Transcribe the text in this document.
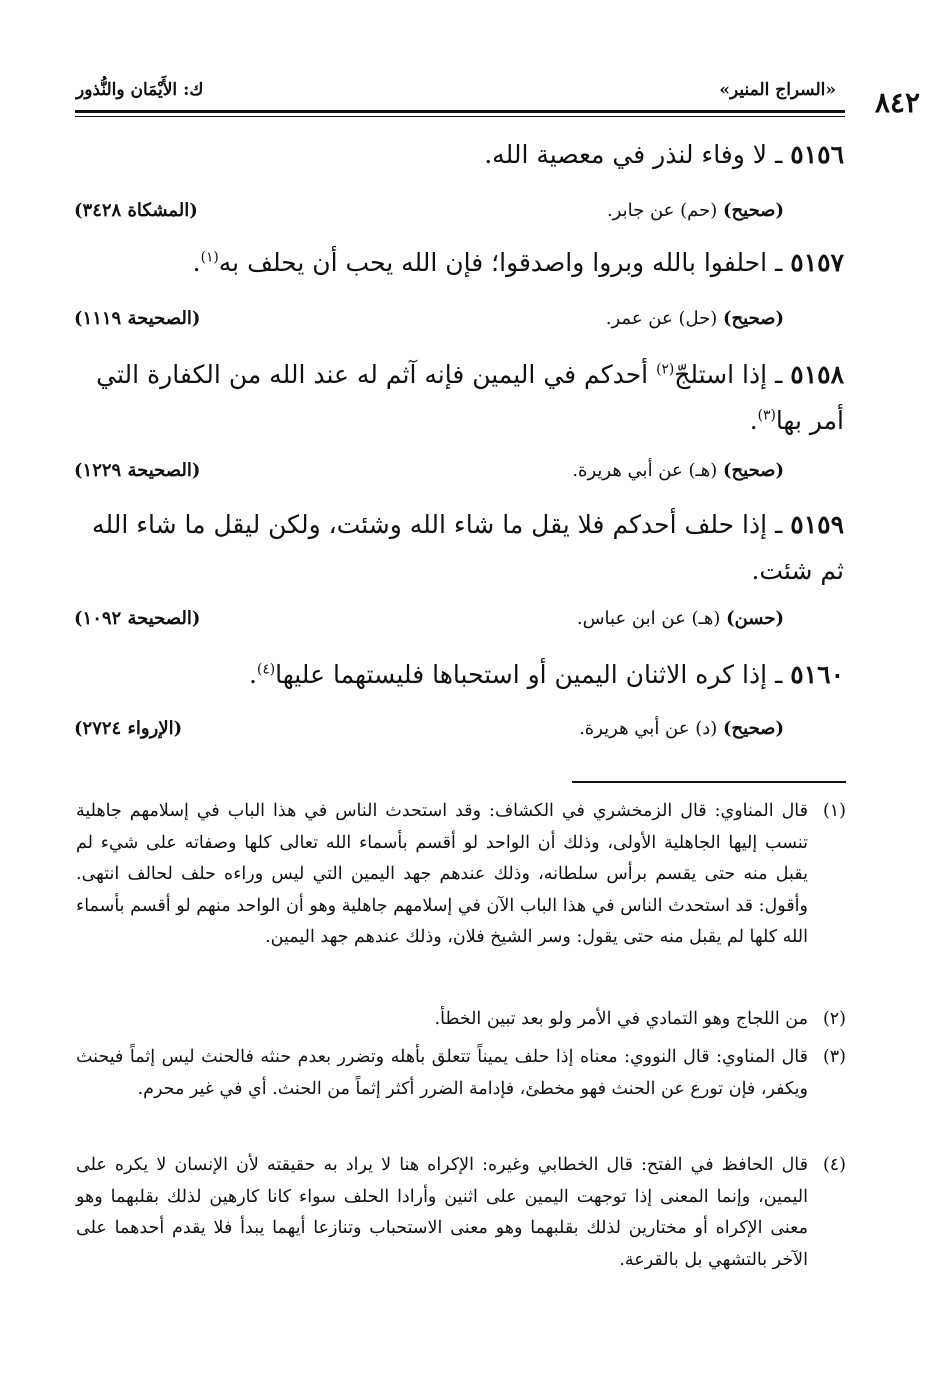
٨٤٢
«السراج المنير»
ك: الأَيْمَان والنُّذور
٥١٥٦ ـ لا وفاء لنذر في معصية الله.
(صحيح) (حم) عن جابر.
(المشكاة ٣٤٢٨)
٥١٥٧ ـ احلفوا بالله وبروا واصدقوا؛ فإن الله يحب أن يحلف به$^{(١)}$.
(صحيح) (حل) عن عمر.
(الصحيحة ١١١٩)
٥١٥٨ ـ إذا استلجّ$^{(٢)}$ أحدكم في اليمين فإنه آثم له عند الله من الكفارة التي أمر بها$^{(٣)}$.
(صحيح) (هـ) عن أبي هريرة.
(الصحيحة ١٢٢٩)
٥١٥٩ ـ إذا حلف أحدكم فلا يقل ما شاء الله وشئت، ولكن ليقل ما شاء الله ثم شئت.
(حسن) (هـ) عن ابن عباس.
(الصحيحة ١٠٩٢)
٥١٦٠ ـ إذا كره الاثنان اليمين أو استحباها فليستهما عليها$^{(٤)}$.
(صحيح) (د) عن أبي هريرة.
(الإرواء ٢٧٢٤)
(١)
قال المناوي: قال الزمخشري في الكشاف: وقد استحدث الناس في هذا الباب في إسلامهم جاهلية تنسب إليها الجاهلية الأولى، وذلك أن الواحد لو أقسم بأسماء الله تعالى كلها وصفاته على شيء لم يقبل منه حتى يقسم برأس سلطانه، وذلك عندهم جهد اليمين التي ليس وراءه حلف لحالف انتهى. وأقول: قد استحدث الناس في هذا الباب الآن في إسلامهم جاهلية وهو أن الواحد منهم لو أقسم بأسماء الله كلها لم يقبل منه حتى يقول: وسر الشيخ فلان، وذلك عندهم جهد اليمين.
(٢)
من اللجاج وهو التمادي في الأمر ولو بعد تبين الخطأ.
(٣)
قال المناوي: قال النووي: معناه إذا حلف يميناً تتعلق بأهله وتضرر بعدم حنثه فالحنث ليس إثماً فيحنث ويكفر، فإن تورع عن الحنث فهو مخطئ، فإدامة الضرر أكثر إثماً من الحنث. أي في غير محرم.
(٤)
قال الحافظ في الفتح: قال الخطابي وغيره: الإكراه هنا لا يراد به حقيقته لأن الإنسان لا يكره على اليمين، وإنما المعنى إذا توجهت اليمين على اثنين وأرادا الحلف سواء كانا كارهين لذلك بقلبهما وهو معنى الإكراه أو مختارين لذلك بقلبهما وهو معنى الاستحباب وتنازعا أيهما يبدأ فلا يقدم أحدهما على الآخر بالتشهي بل بالقرعة.
